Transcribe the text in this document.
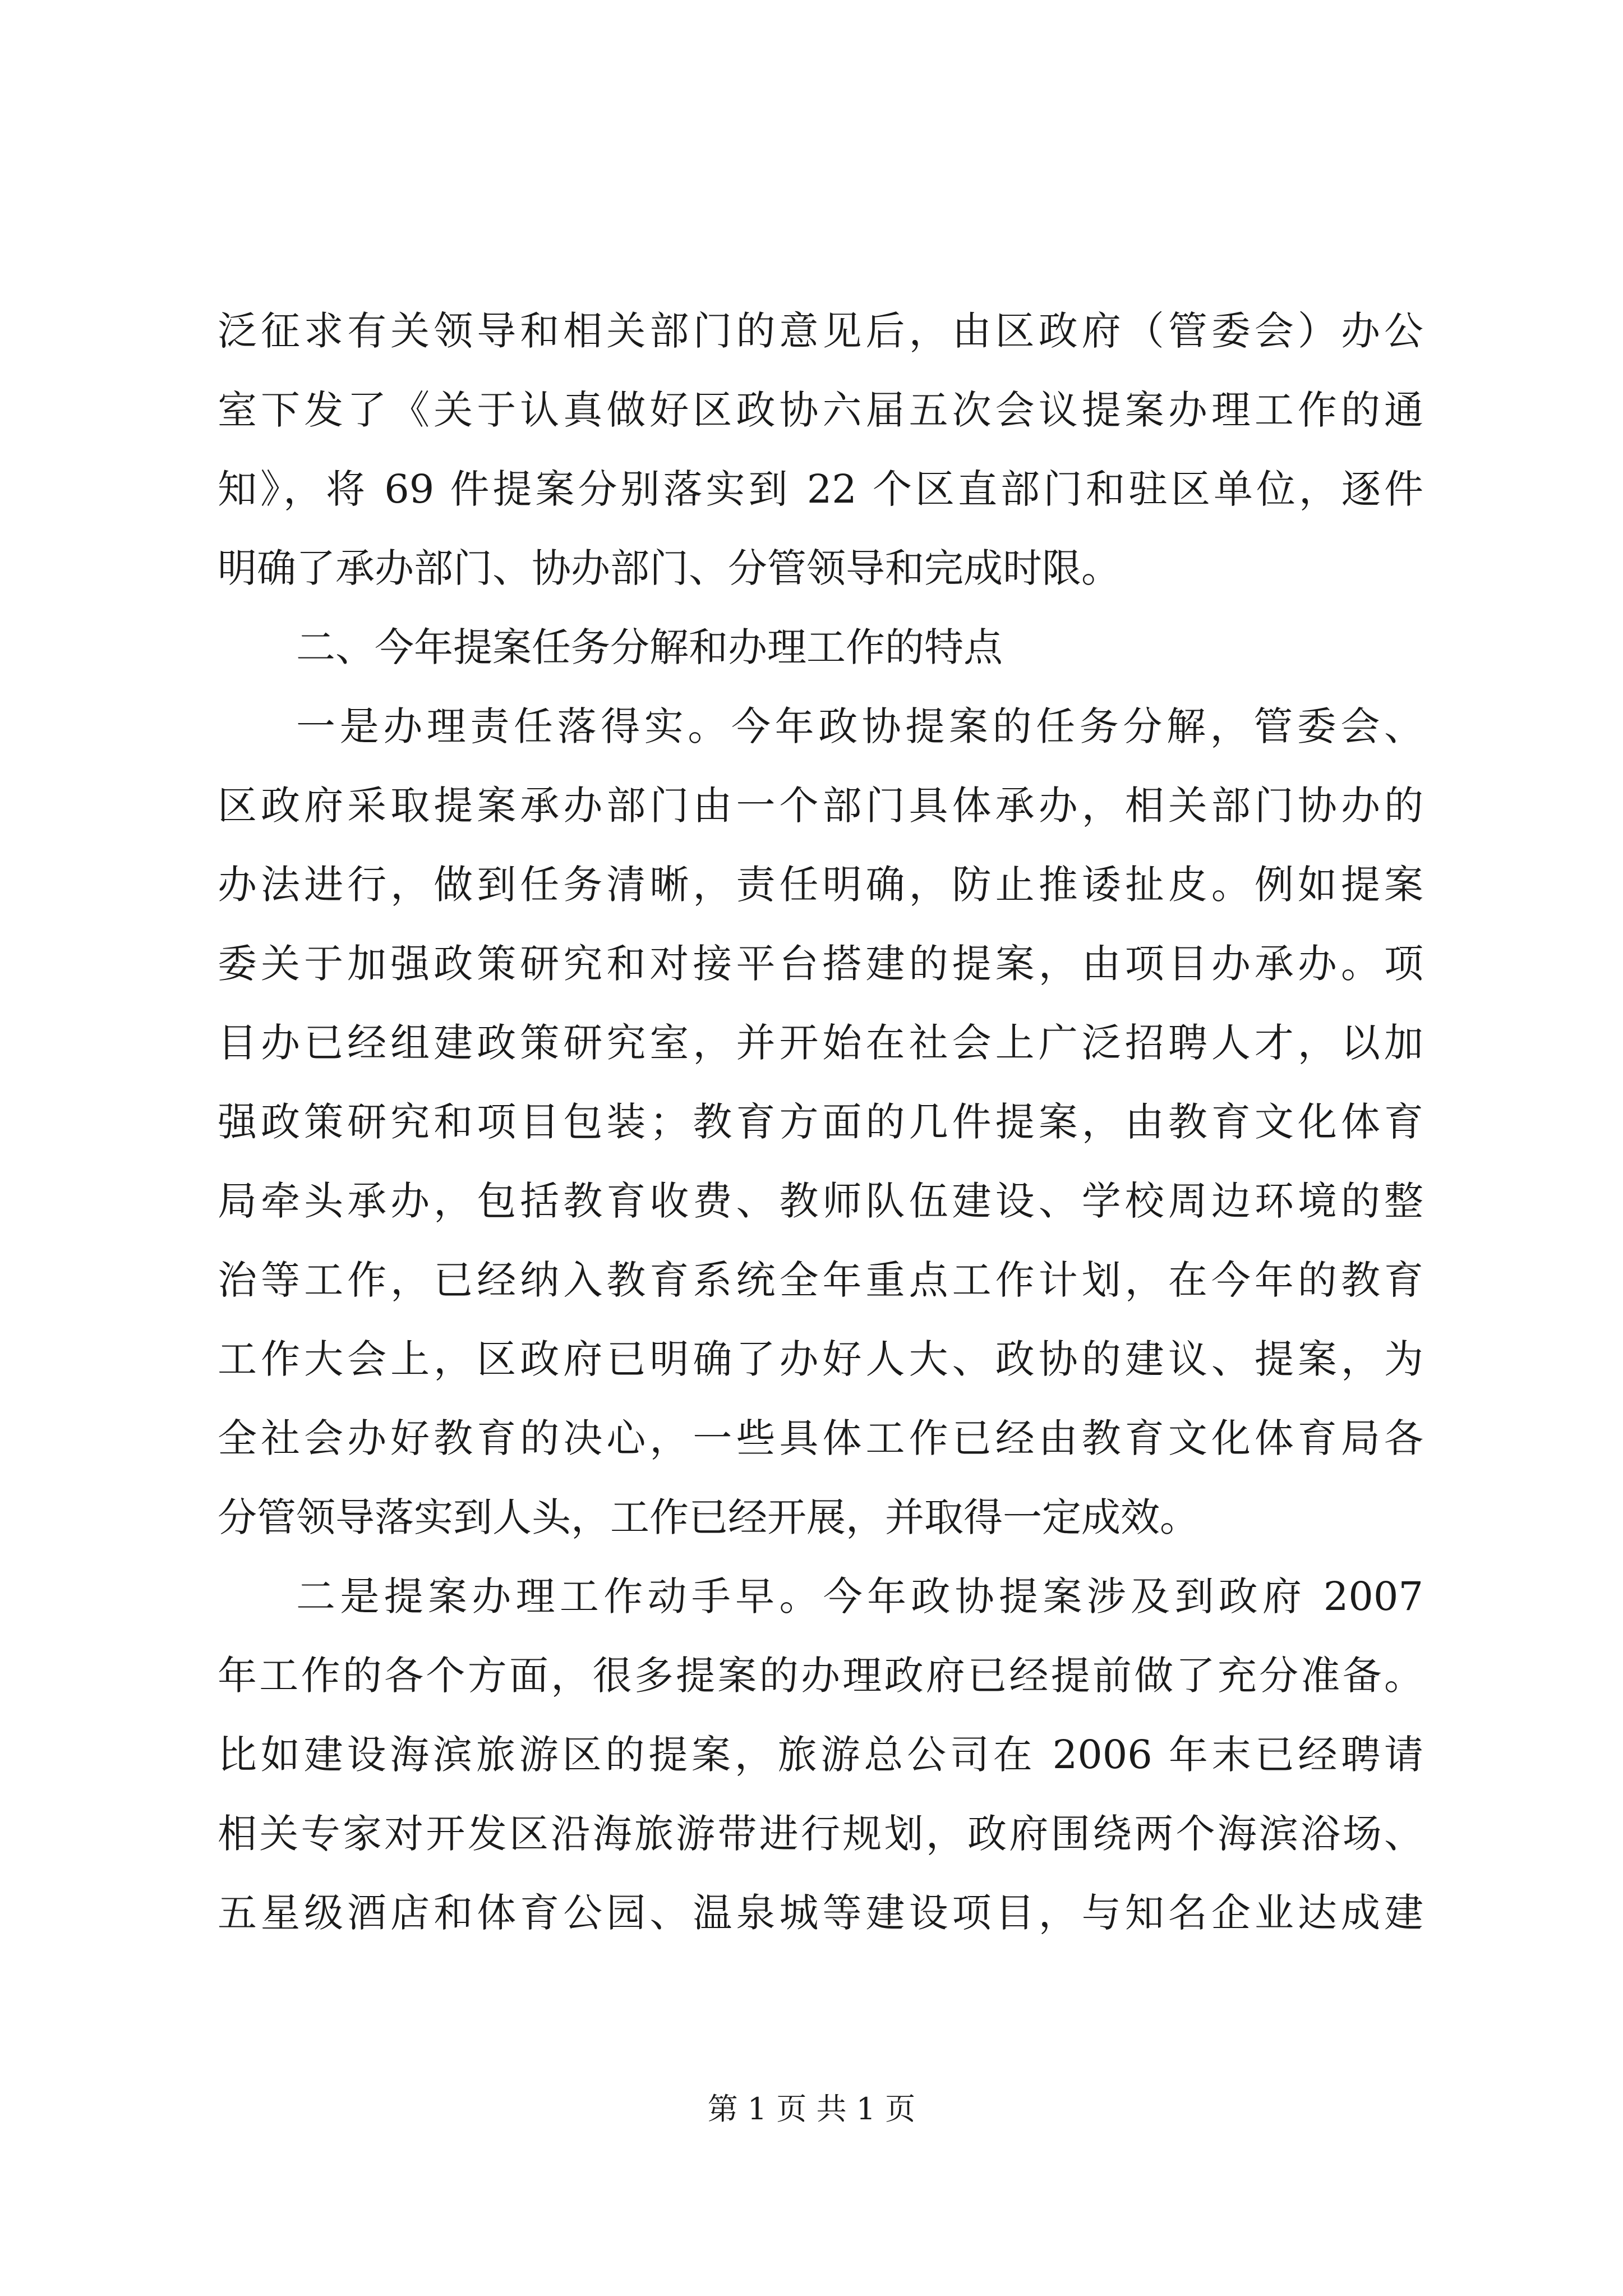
泛征求有关领导和相关部门的意见后，由区政府（管委会）办公
室下发了《关于认真做好区政协六届五次会议提案办理工作的通
知》，将 69 件提案分别落实到 22 个区直部门和驻区单位，逐件
明确了承办部门、协办部门、分管领导和完成时限。
二、今年提案任务分解和办理工作的特点
一是办理责任落得实。今年政协提案的任务分解，管委会、
区政府采取提案承办部门由一个部门具体承办，相关部门协办的
办法进行，做到任务清晰，责任明确，防止推诿扯皮。例如提案
委关于加强政策研究和对接平台搭建的提案，由项目办承办。项
目办已经组建政策研究室，并开始在社会上广泛招聘人才，以加
强政策研究和项目包装；教育方面的几件提案，由教育文化体育
局牵头承办，包括教育收费、教师队伍建设、学校周边环境的整
治等工作，已经纳入教育系统全年重点工作计划，在今年的教育
工作大会上，区政府已明确了办好人大、政协的建议、提案，为
全社会办好教育的决心，一些具体工作已经由教育文化体育局各
分管领导落实到人头，工作已经开展，并取得一定成效。
二是提案办理工作动手早。今年政协提案涉及到政府 2007
年工作的各个方面，很多提案的办理政府已经提前做了充分准备。
比如建设海滨旅游区的提案，旅游总公司在 2006 年末已经聘请
相关专家对开发区沿海旅游带进行规划，政府围绕两个海滨浴场、
五星级酒店和体育公园、温泉城等建设项目，与知名企业达成建
第 1 页 共 1 页
